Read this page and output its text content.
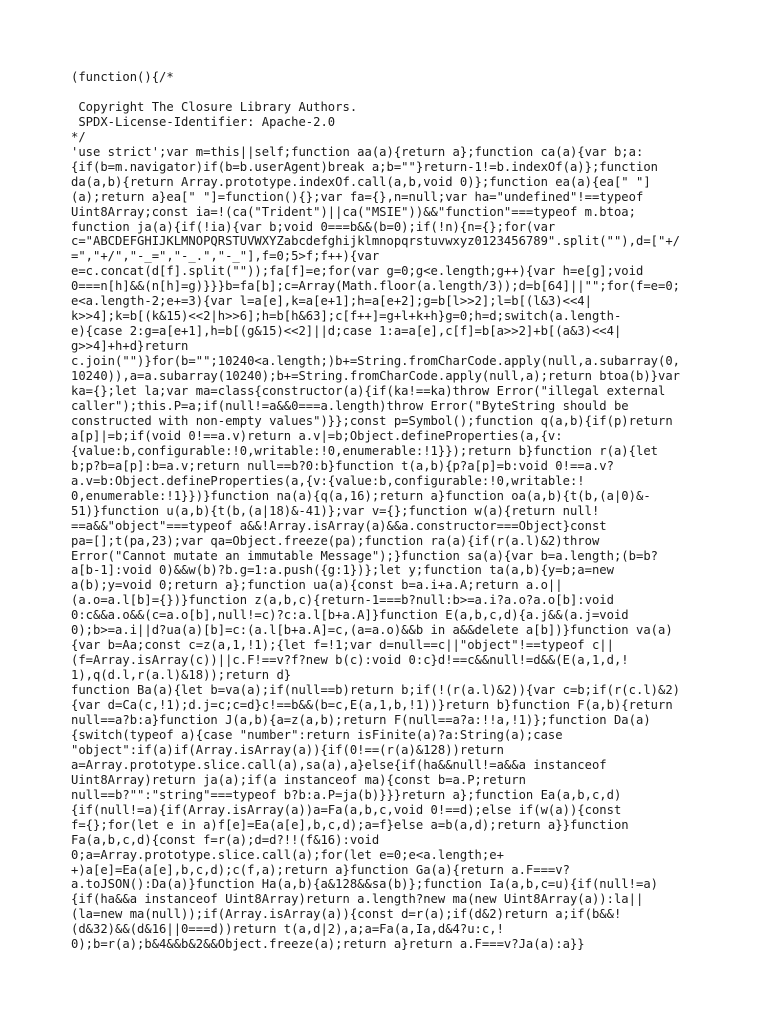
(function(){/*

Copyright The Closure Library Authors.
SPDX-License-Identifier: Apache-2.0
*/
'use strict';var m=this||self;function aa(a){return a};function ca(a){var b;a:
{if(b=m.navigator)if(b=b.userAgent)break a;b=""}return-1!=b.indexOf(a)};function
da(a,b){return Array.prototype.indexOf.call(a,b,void 0)};function ea(a){ea[" "]
(a);return a}ea[" "]=function(){};var fa={},n=null;var ha="undefined"!==typeof
Uint8Array;const ia=!(ca("Trident")||ca("MSIE"))&&"function"===typeof m.btoa;
function ja(a){if(!ia){var b;void 0===b&&(b=0);if(!n){n={};for(var
c="ABCDEFGHIJKLMNOPQRSTUVWXYZabcdefghijklmnopqrstuvwxyz0123456789".split(""),d=["+/
=","+/","-_=","-_.","-_"],f=0;5>f;f++){var
e=c.concat(d[f].split(""));fa[f]=e;for(var g=0;g<e.length;g++){var h=e[g];void
0===n[h]&&(n[h]=g)}}}b=fa[b];c=Array(Math.floor(a.length/3));d=b[64]||"";for(f=e=0;
e<a.length-2;e+=3){var l=a[e],k=a[e+1];h=a[e+2];g=b[l>>2];l=b[(l&3)<<4|
k>>4];k=b[(k&15)<<2|h>>6];h=b[h&63];c[f++]=g+l+k+h}g=0;h=d;switch(a.length-
e){case 2:g=a[e+1],h=b[(g&15)<<2]||d;case 1:a=a[e],c[f]=b[a>>2]+b[(a&3)<<4|
g>>4]+h+d}return
c.join("")}for(b="";10240<a.length;)b+=String.fromCharCode.apply(null,a.subarray(0,
10240)),a=a.subarray(10240);b+=String.fromCharCode.apply(null,a);return btoa(b)}var
ka={};let la;var ma=class{constructor(a){if(ka!==ka)throw Error("illegal external
caller");this.P=a;if(null!=a&&0===a.length)throw Error("ByteString should be
constructed with non-empty values")}};const p=Symbol();function q(a,b){if(p)return
a[p]|=b;if(void 0!==a.v)return a.v|=b;Object.defineProperties(a,{v:
{value:b,configurable:!0,writable:!0,enumerable:!1}});return b}function r(a){let
b;p?b=a[p]:b=a.v;return null==b?0:b}function t(a,b){p?a[p]=b:void 0!==a.v?
a.v=b:Object.defineProperties(a,{v:{value:b,configurable:!0,writable:!
0,enumerable:!1}})}function na(a){q(a,16);return a}function oa(a,b){t(b,(a|0)&-
51)}function u(a,b){t(b,(a|18)&-41)};var v={};function w(a){return null!
==a&&"object"===typeof a&&!Array.isArray(a)&&a.constructor===Object}const
pa=[];t(pa,23);var qa=Object.freeze(pa);function ra(a){if(r(a.l)&2)throw
Error("Cannot mutate an immutable Message");}function sa(a){var b=a.length;(b=b?
a[b-1]:void 0)&&w(b)?b.g=1:a.push({g:1})};let y;function ta(a,b){y=b;a=new
a(b);y=void 0;return a};function ua(a){const b=a.i+a.A;return a.o||
(a.o=a.l[b]={})}function z(a,b,c){return-1===b?null:b>=a.i?a.o?a.o[b]:void
0:c&&a.o&&(c=a.o[b],null!=c)?c:a.l[b+a.A]}function E(a,b,c,d){a.j&&(a.j=void
0);b>=a.i||d?ua(a)[b]=c:(a.l[b+a.A]=c,(a=a.o)&&b in a&&delete a[b])}function va(a)
{var b=Aa;const c=z(a,1,!1);{let f=!1;var d=null==c||"object"!==typeof c||
(f=Array.isArray(c))||c.F!==v?f?new b(c):void 0:c}d!==c&&null!=d&&(E(a,1,d,!
1),q(d.l,r(a.l)&18));return d}
function Ba(a){let b=va(a);if(null==b)return b;if(!(r(a.l)&2)){var c=b;if(r(c.l)&2)
{var d=Ca(c,!1);d.j=c;c=d}c!==b&&(b=c,E(a,1,b,!1))}return b}function F(a,b){return
null==a?b:a}function J(a,b){a=z(a,b);return F(null==a?a:!!a,!1)};function Da(a)
{switch(typeof a){case "number":return isFinite(a)?a:String(a);case
"object":if(a)if(Array.isArray(a)){if(0!==(r(a)&128))return
a=Array.prototype.slice.call(a),sa(a),a}else{if(ha&&null!=a&&a instanceof
Uint8Array)return ja(a);if(a instanceof ma){const b=a.P;return
null==b?"":"string"===typeof b?b:a.P=ja(b)}}}return a};function Ea(a,b,c,d)
{if(null!=a){if(Array.isArray(a))a=Fa(a,b,c,void 0!==d);else if(w(a)){const
f={};for(let e in a)f[e]=Ea(a[e],b,c,d);a=f}else a=b(a,d);return a}}function
Fa(a,b,c,d){const f=r(a);d=d?!!(f&16):void
0;a=Array.prototype.slice.call(a);for(let e=0;e<a.length;e+
+)a[e]=Ea(a[e],b,c,d);c(f,a);return a}function Ga(a){return a.F===v?
a.toJSON():Da(a)}function Ha(a,b){a&128&&sa(b)};function Ia(a,b,c=u){if(null!=a)
{if(ha&&a instanceof Uint8Array)return a.length?new ma(new Uint8Array(a)):la||
(la=new ma(null));if(Array.isArray(a)){const d=r(a);if(d&2)return a;if(b&&!
(d&32)&&(d&16||0===d))return t(a,d|2),a;a=Fa(a,Ia,d&4?u:c,!
0);b=r(a);b&4&&b&2&&Object.freeze(a);return a}return a.F===v?Ja(a):a}}
